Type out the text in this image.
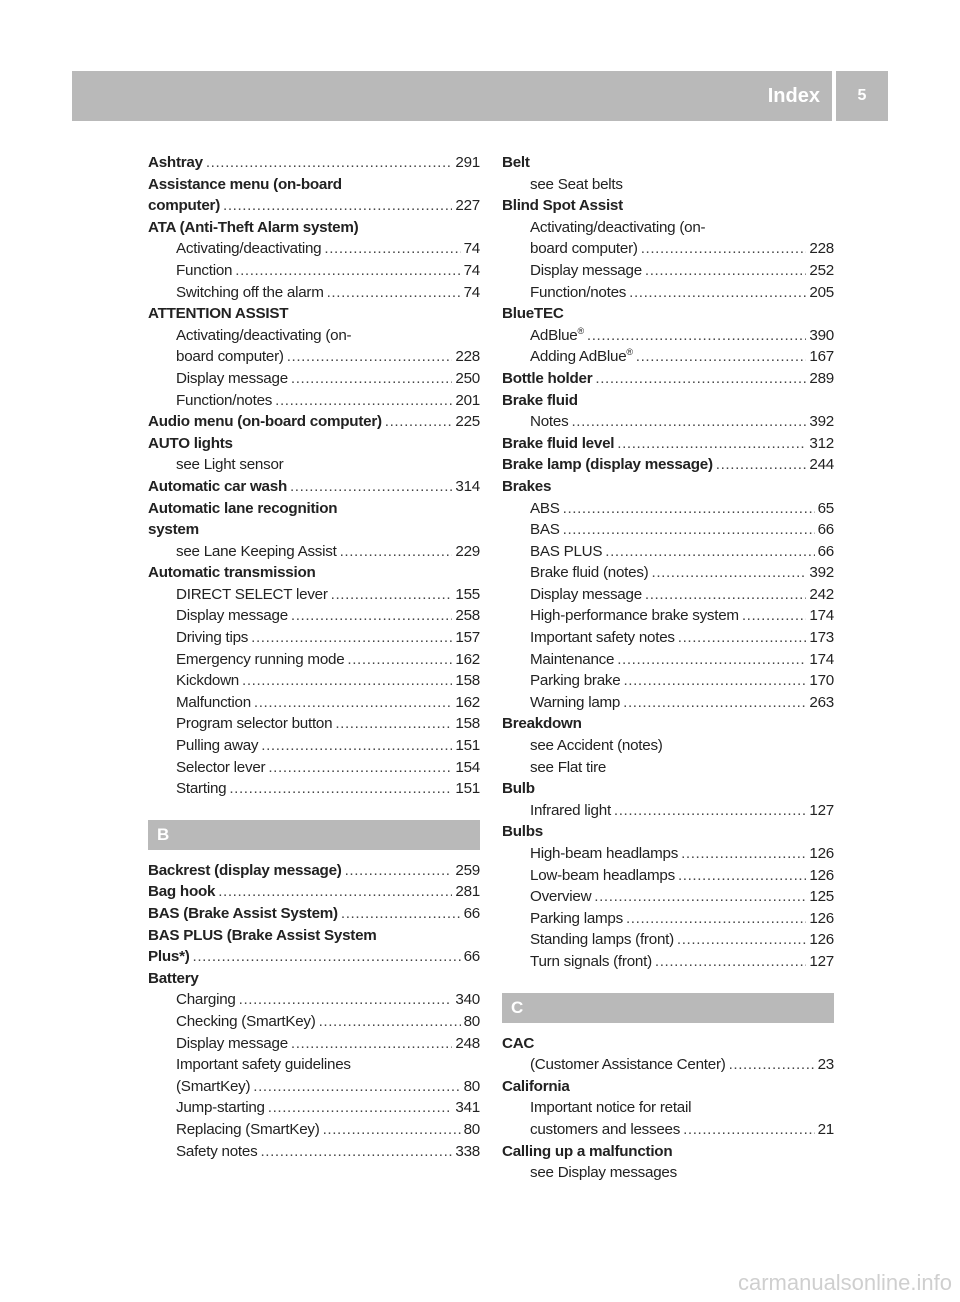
Index	5
Ashtray .....	291
Assistance menu (on-board
computer) .....	227
ATA (Anti-Theft Alarm system)
Activating/deactivating .....	74
Function .....	74
Switching off the alarm .....	74
ATTENTION ASSIST
Activating/deactivating (on-
board computer) .....	228
Display message .....	250
Function/notes .....	201
Audio menu (on-board computer) .....	225
AUTO lights
see Light sensor
Automatic car wash .....	314
Automatic lane recognition
system
see Lane Keeping Assist .....	229
Automatic transmission
DIRECT SELECT lever .....	155
Display message .....	258
Driving tips .....	157
Emergency running mode .....	162
Kickdown .....	158
Malfunction .....	162
Program selector button .....	158
Pulling away .....	151
Selector lever .....	154
Starting .....	151
B
Backrest (display message) .....	259
Bag hook .....	281
BAS (Brake Assist System) .....	66
BAS PLUS (Brake Assist System
Plus*) .....	66
Battery
Charging .....	340
Checking (SmartKey) .....	80
Display message .....	248
Important safety guidelines
(SmartKey) .....	80
Jump-starting .....	341
Replacing (SmartKey) .....	80
Safety notes .....	338
Belt
see Seat belts
Blind Spot Assist
Activating/deactivating (on-
board computer) .....	228
Display message .....	252
Function/notes .....	205
BlueTEC
AdBlue® .....	390
Adding AdBlue® .....	167
Bottle holder .....	289
Brake fluid
Notes .....	392
Brake fluid level .....	312
Brake lamp (display message) .....	244
Brakes
ABS .....	65
BAS .....	66
BAS PLUS .....	66
Brake fluid (notes) .....	392
Display message .....	242
High-performance brake system .....	174
Important safety notes .....	173
Maintenance .....	174
Parking brake .....	170
Warning lamp .....	263
Breakdown
see Accident (notes)
see Flat tire
Bulb
Infrared light .....	127
Bulbs
High-beam headlamps .....	126
Low-beam headlamps .....	126
Overview .....	125
Parking lamps .....	126
Standing lamps (front) .....	126
Turn signals (front) .....	127
C
CAC
(Customer Assistance Center) .....	23
California
Important notice for retail
customers and lessees .....	21
Calling up a malfunction
see Display messages
carmanualsonline.info
